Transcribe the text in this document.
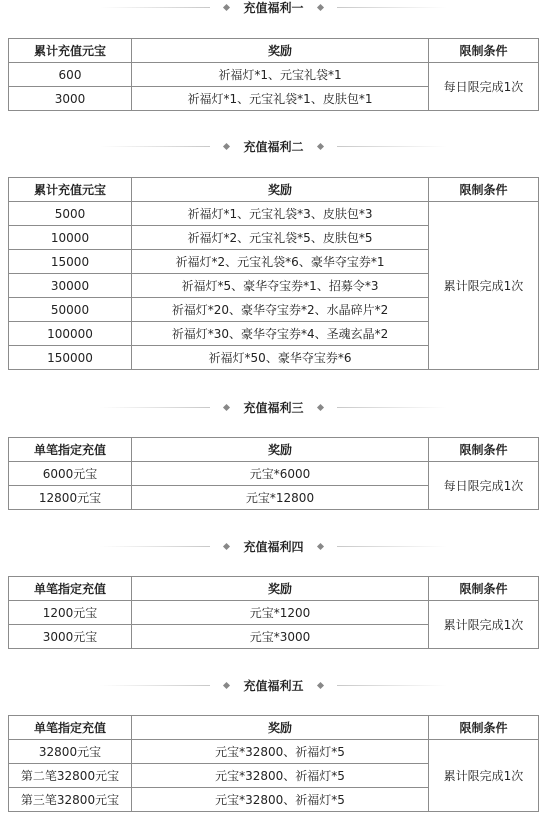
充值福利一
累计充值元宝	奖励	限制条件
600	祈福灯*1、元宝礼袋*1	每日限完成1次
3000	祈福灯*1、元宝礼袋*1、皮肤包*1	
充值福利二
累计充值元宝	奖励	限制条件
5000	祈福灯*1、元宝礼袋*3、皮肤包*3	累计限完成1次
10000	祈福灯*2、元宝礼袋*5、皮肤包*5	
15000	祈福灯*2、元宝礼袋*6、豪华夺宝券*1	
30000	祈福灯*5、豪华夺宝券*1、招募令*3	
50000	祈福灯*20、豪华夺宝券*2、水晶碎片*2	
100000	祈福灯*30、豪华夺宝券*4、圣魂玄晶*2	
150000	祈福灯*50、豪华夺宝券*6	
充值福利三
单笔指定充值	奖励	限制条件
6000元宝	元宝*6000	每日限完成1次
12800元宝	元宝*12800	
充值福利四
单笔指定充值	奖励	限制条件
1200元宝	元宝*1200	累计限完成1次
3000元宝	元宝*3000	
充值福利五
单笔指定充值	奖励	限制条件
32800元宝	元宝*32800、祈福灯*5	累计限完成1次
第二笔32800元宝	元宝*32800、祈福灯*5	
第三笔32800元宝	元宝*32800、祈福灯*5	
